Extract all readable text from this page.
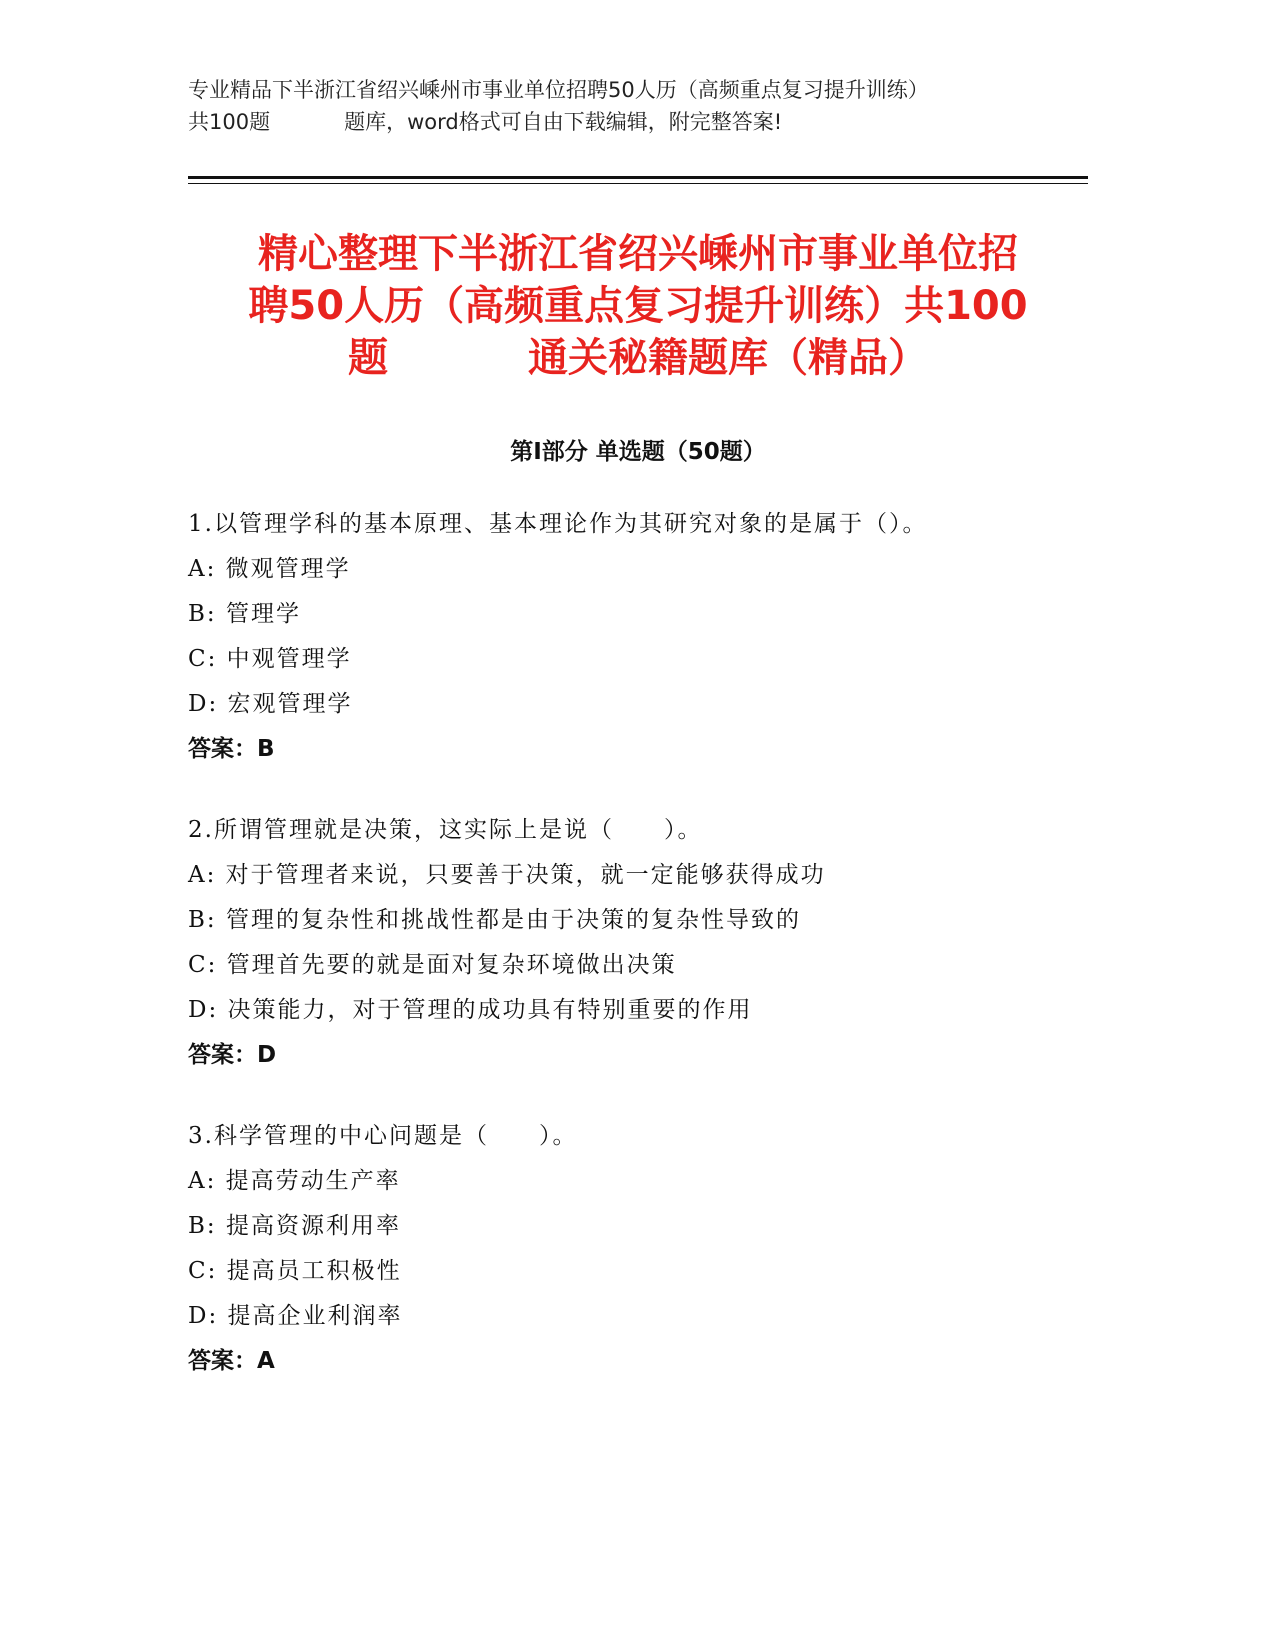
专业精品下半浙江省绍兴嵊州市事业单位招聘50人历（高频重点复习提升训练）
共100题	题库，word格式可自由下载编辑，附完整答案!
精心整理下半浙江省绍兴嵊州市事业单位招
聘50人历（高频重点复习提升训练）共100
题	通关秘籍题库（精品）
第I部分 单选题（50题）
1.以管理学科的基本原理、基本理论作为其研究对象的是属于（）。
A: 微观管理学
B: 管理学
C: 中观管理学
D: 宏观管理学
答案：B
2.所谓管理就是决策，这实际上是说（ ）。
A: 对于管理者来说，只要善于决策，就一定能够获得成功
B: 管理的复杂性和挑战性都是由于决策的复杂性导致的
C: 管理首先要的就是面对复杂环境做出决策
D: 决策能力，对于管理的成功具有特别重要的作用
答案：D
3.科学管理的中心问题是（ ）。
A: 提高劳动生产率
B: 提高资源利用率
C: 提高员工积极性
D: 提高企业利润率
答案：A
